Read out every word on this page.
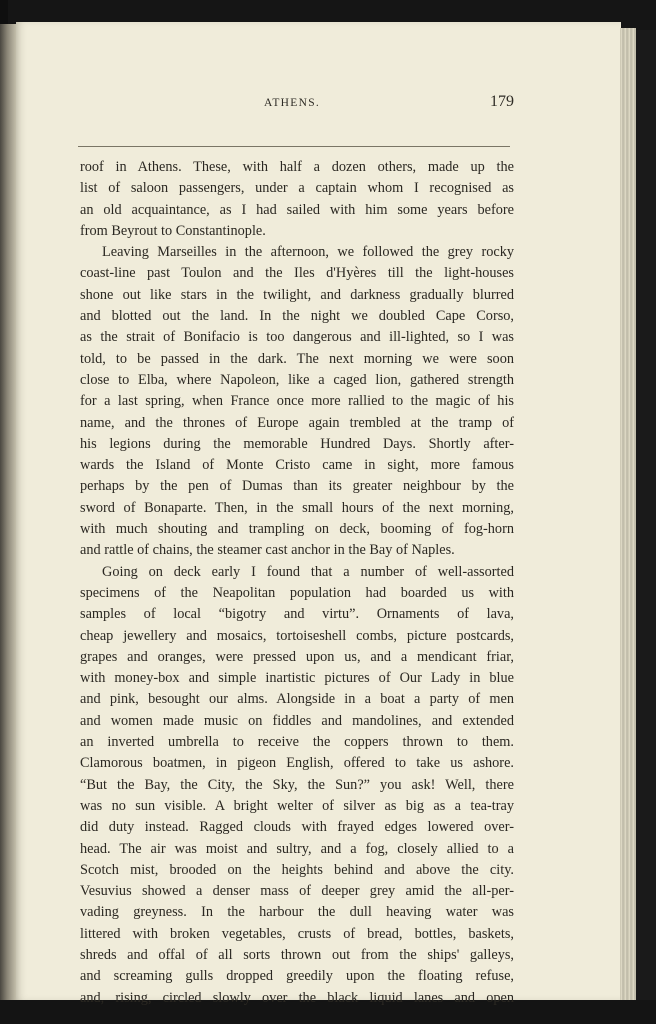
ATHENS.	179
roof in Athens. These, with half a dozen others, made up the
list of saloon passengers, under a captain whom I recognised as
an old acquaintance, as I had sailed with him some years before
from Beyrout to Constantinople.
Leaving Marseilles in the afternoon, we followed the grey rocky
coast-line past Toulon and the Iles d'Hyères till the light-houses
shone out like stars in the twilight, and darkness gradually blurred
and blotted out the land. In the night we doubled Cape Corso,
as the strait of Bonifacio is too dangerous and ill-lighted, so I was
told, to be passed in the dark. The next morning we were soon
close to Elba, where Napoleon, like a caged lion, gathered strength
for a last spring, when France once more rallied to the magic of his
name, and the thrones of Europe again trembled at the tramp of
his legions during the memorable Hundred Days. Shortly after-
wards the Island of Monte Cristo came in sight, more famous
perhaps by the pen of Dumas than its greater neighbour by the
sword of Bonaparte. Then, in the small hours of the next morning,
with much shouting and trampling on deck, booming of fog-horn
and rattle of chains, the steamer cast anchor in the Bay of Naples.
Going on deck early I found that a number of well-assorted
specimens of the Neapolitan population had boarded us with
samples of local “bigotry and virtu”. Ornaments of lava,
cheap jewellery and mosaics, tortoiseshell combs, picture postcards,
grapes and oranges, were pressed upon us, and a mendicant friar,
with money-box and simple inartistic pictures of Our Lady in blue
and pink, besought our alms. Alongside in a boat a party of men
and women made music on fiddles and mandolines, and extended
an inverted umbrella to receive the coppers thrown to them.
Clamorous boatmen, in pigeon English, offered to take us ashore.
“But the Bay, the City, the Sky, the Sun?” you ask! Well, there
was no sun visible. A bright welter of silver as big as a tea-tray
did duty instead. Ragged clouds with frayed edges lowered over-
head. The air was moist and sultry, and a fog, closely allied to a
Scotch mist, brooded on the heights behind and above the city.
Vesuvius showed a denser mass of deeper grey amid the all-per-
vading greyness. In the harbour the dull heaving water was
littered with broken vegetables, crusts of bread, bottles, baskets,
shreds and offal of all sorts thrown out from the ships' galleys,
and screaming gulls dropped greedily upon the floating refuse,
and, rising, circled slowly over the black liquid lanes and open
